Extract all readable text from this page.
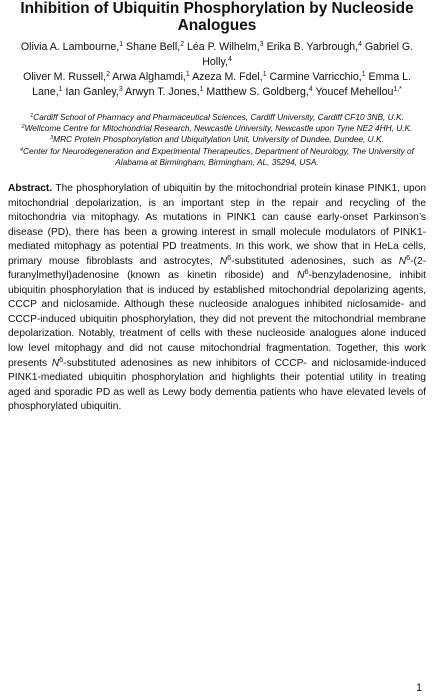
Inhibition of Ubiquitin Phosphorylation by Nucleoside Analogues
Olivia A. Lambourne,$^1$ Shane Bell,$^2$ Léa P. Wilhelm,$^3$ Erika B. Yarbrough,$^4$ Gabriel G. Holly,$^4$
Oliver M. Russell,$^2$ Arwa Alghamdi,$^1$ Azeza M. Fdel,$^1$ Carmine Varricchio,$^1$ Emma L. Lane,$^1$ Ian Ganley,$^3$ Arwyn T. Jones,$^1$ Matthew S. Goldberg,$^4$ Youcef Mehellou$^{1,*}$
$^1$Cardiff School of Pharmacy and Pharmaceutical Sciences, Cardiff University, Cardiff CF10 3NB, U.K.
$^2$Wellcome Centre for Mitochondrial Research, Newcastle University, Newcastle upon Tyne NE2 4HH, U.K.
$^3$MRC Protein Phosphorylation and Ubiquitylation Unit, University of Dundee, Dundee, U.K.
$^4$Center for Neurodegeneration and Experimental Therapeutics, Department of Neurology, The University of Alabama at Birmingham, Birmingham, AL, 35294, USA.

Abstract. The phosphorylation of ubiquitin by the mitochondrial protein kinase PINK1, upon mitochondrial depolarization, is an important step in the repair and recycling of the mitochondria via mitophagy. As mutations in PINK1 can cause early-onset Parkinson’s disease (PD), there has been a growing interest in small molecule modulators of PINK1-mediated mitophagy as potential PD treatments. In this work, we show that in HeLa cells, primary mouse fibroblasts and astrocytes, $N^6$-substituted adenosines, such as $N^6-(2-furanylmethyl)adenosine$ (known as kinetin riboside) and $N^6$-benzyladenosine, inhibit ubiquitin phosphorylation that is induced by established mitochondrial depolarizing agents, CCCP and niclosamide. Although these nucleoside analogues inhibited niclosamide- and CCCP-induced ubiquitin phosphorylation, they did not prevent the mitochondrial membrane depolarization. Notably, treatment of cells with these nucleoside analogues alone induced low level mitophagy and did not cause mitochondrial fragmentation. Together, this work presents $N^6$-substituted adenosines as new inhibitors of CCCP- and niclosamide-induced PINK1-mediated ubiquitin phosphorylation and highlights their potential utility in treating aged and sporadic PD as well as Lewy body dementia patients who have elevated levels of phosphorylated ubiquitin.

1
